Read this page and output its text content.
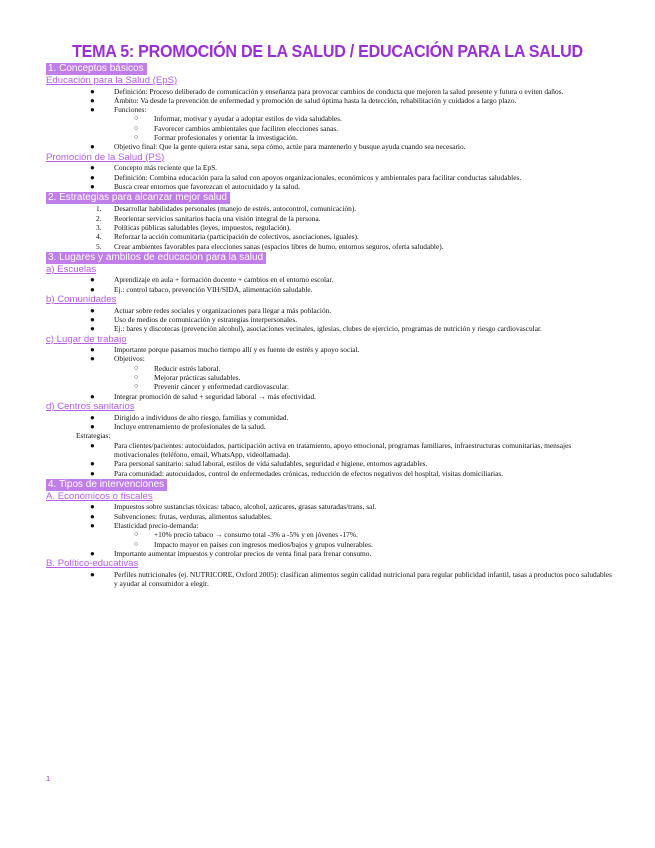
TEMA 5: PROMOCIÓN DE LA SALUD / EDUCACIÓN PARA LA SALUD
1. Conceptos básicos
Educación para la Salud (EpS)
●	Definición: Proceso deliberado de comunicación y enseñanza para provocar cambios de conducta que mejoren la salud presente y futura o eviten daños.
●	Ámbito: Va desde la prevención de enfermedad y promoción de salud óptima hasta la detección, rehabilitación y cuidados a largo plazo.
●	Funciones:
○ Informar, motivar y ayudar a adoptar estilos de vida saludables.
○ Favorecer cambios ambientales que faciliten elecciones sanas.
○ Formar profesionales y orientar la investigación.
●	Objetivo final: Que la gente quiera estar sana, sepa cómo, actúe para mantenerlo y busque ayuda cuando sea necesario.
Promoción de la Salud (PS)
●	Concepto más reciente que la EpS.
●	Definición: Combina educación para la salud con apoyos organizacionales, económicos y ambientales para facilitar conductas saludables.
●	Busca crear entornos que favorezcan el autocuidado y la salud.
2. Estrategias para alcanzar mejor salud
1. Desarrollar habilidades personales (manejo de estrés, autocontrol, comunicación).
2. Reorientar servicios sanitarios hacia una visión integral de la persona.
3. Políticas públicas saludables (leyes, impuestos, regulación).
4. Reforzar la acción comunitaria (participación de colectivos, asociaciones, iguales).
5. Crear ambientes favorables para elecciones sanas (espacios libres de humo, entornos seguros, oferta saludable).
3. Lugares y ambitos de educacion para la salud
a) Escuelas
●	Aprendizaje en aula + formación docente + cambios en el entorno escolar.
●	Ej.: control tabaco, prevención VIH/SIDA, alimentación saludable.
b) Comunidades
●	Actuar sobre redes sociales y organizaciones para llegar a más población.
●	Uso de medios de comunicación y estrategias interpersonales.
●	Ej.: bares y discotecas (prevención alcohol), asociaciones vecinales, iglesias, clubes de ejercicio, programas de nutrición y riesgo cardiovascular.
c) Lugar de trabajo
●	Importante porque pasamos mucho tiempo allí y es fuente de estrés y apoyo social.
●	Objetivos:
○ Reducir estrés laboral.
○ Mejorar prácticas saludables.
○ Prevenir cáncer y enfermedad cardiovascular.
●	Integrar promoción de salud + seguridad laboral → más efectividad.
d) Centros sanitarios
●	Dirigido a individuos de alto riesgo, familias y comunidad.
●	Incluye entrenamiento de profesionales de la salud.
Estrategias:
●	Para clientes/pacientes: autocuidados, participación activa en tratamiento, apoyo emocional, programas familiares, infraestructuras comunitarias, mensajes motivacionales (teléfono, email, WhatsApp, videollamada).
●	Para personal sanitario: salud laboral, estilos de vida saludables, seguridad e higiene, entornos agradables.
●	Para comunidad: autocuidados, control de enfermedades crónicas, reducción de efectos negativos del hospital, visitas domiciliarias.
4. Tipos de intervenciones
A. Económicos o fiscales
●	Impuestos sobre sustancias tóxicas: tabaco, alcohol, azúcares, grasas saturadas/trans, sal.
●	Subvenciones: frutas, verduras, alimentos saludables.
●	Elasticidad precio-demanda:
○ +10% precio tabaco → consumo total -3% a -5% y en jóvenes -17%.
○ Impacto mayor en países con ingresos medios/bajos y grupos vulnerables.
●	Importante aumentar impuestos y controlar precios de venta final para frenar consumo.
B. Político-educativas
●	Perfiles nutricionales (ej. NUTRICORE, Oxford 2005): clasifican alimentos según calidad nutricional para regular publicidad infantil, tasas a productos poco saludables y ayudar al consumidor a elegir.
1
